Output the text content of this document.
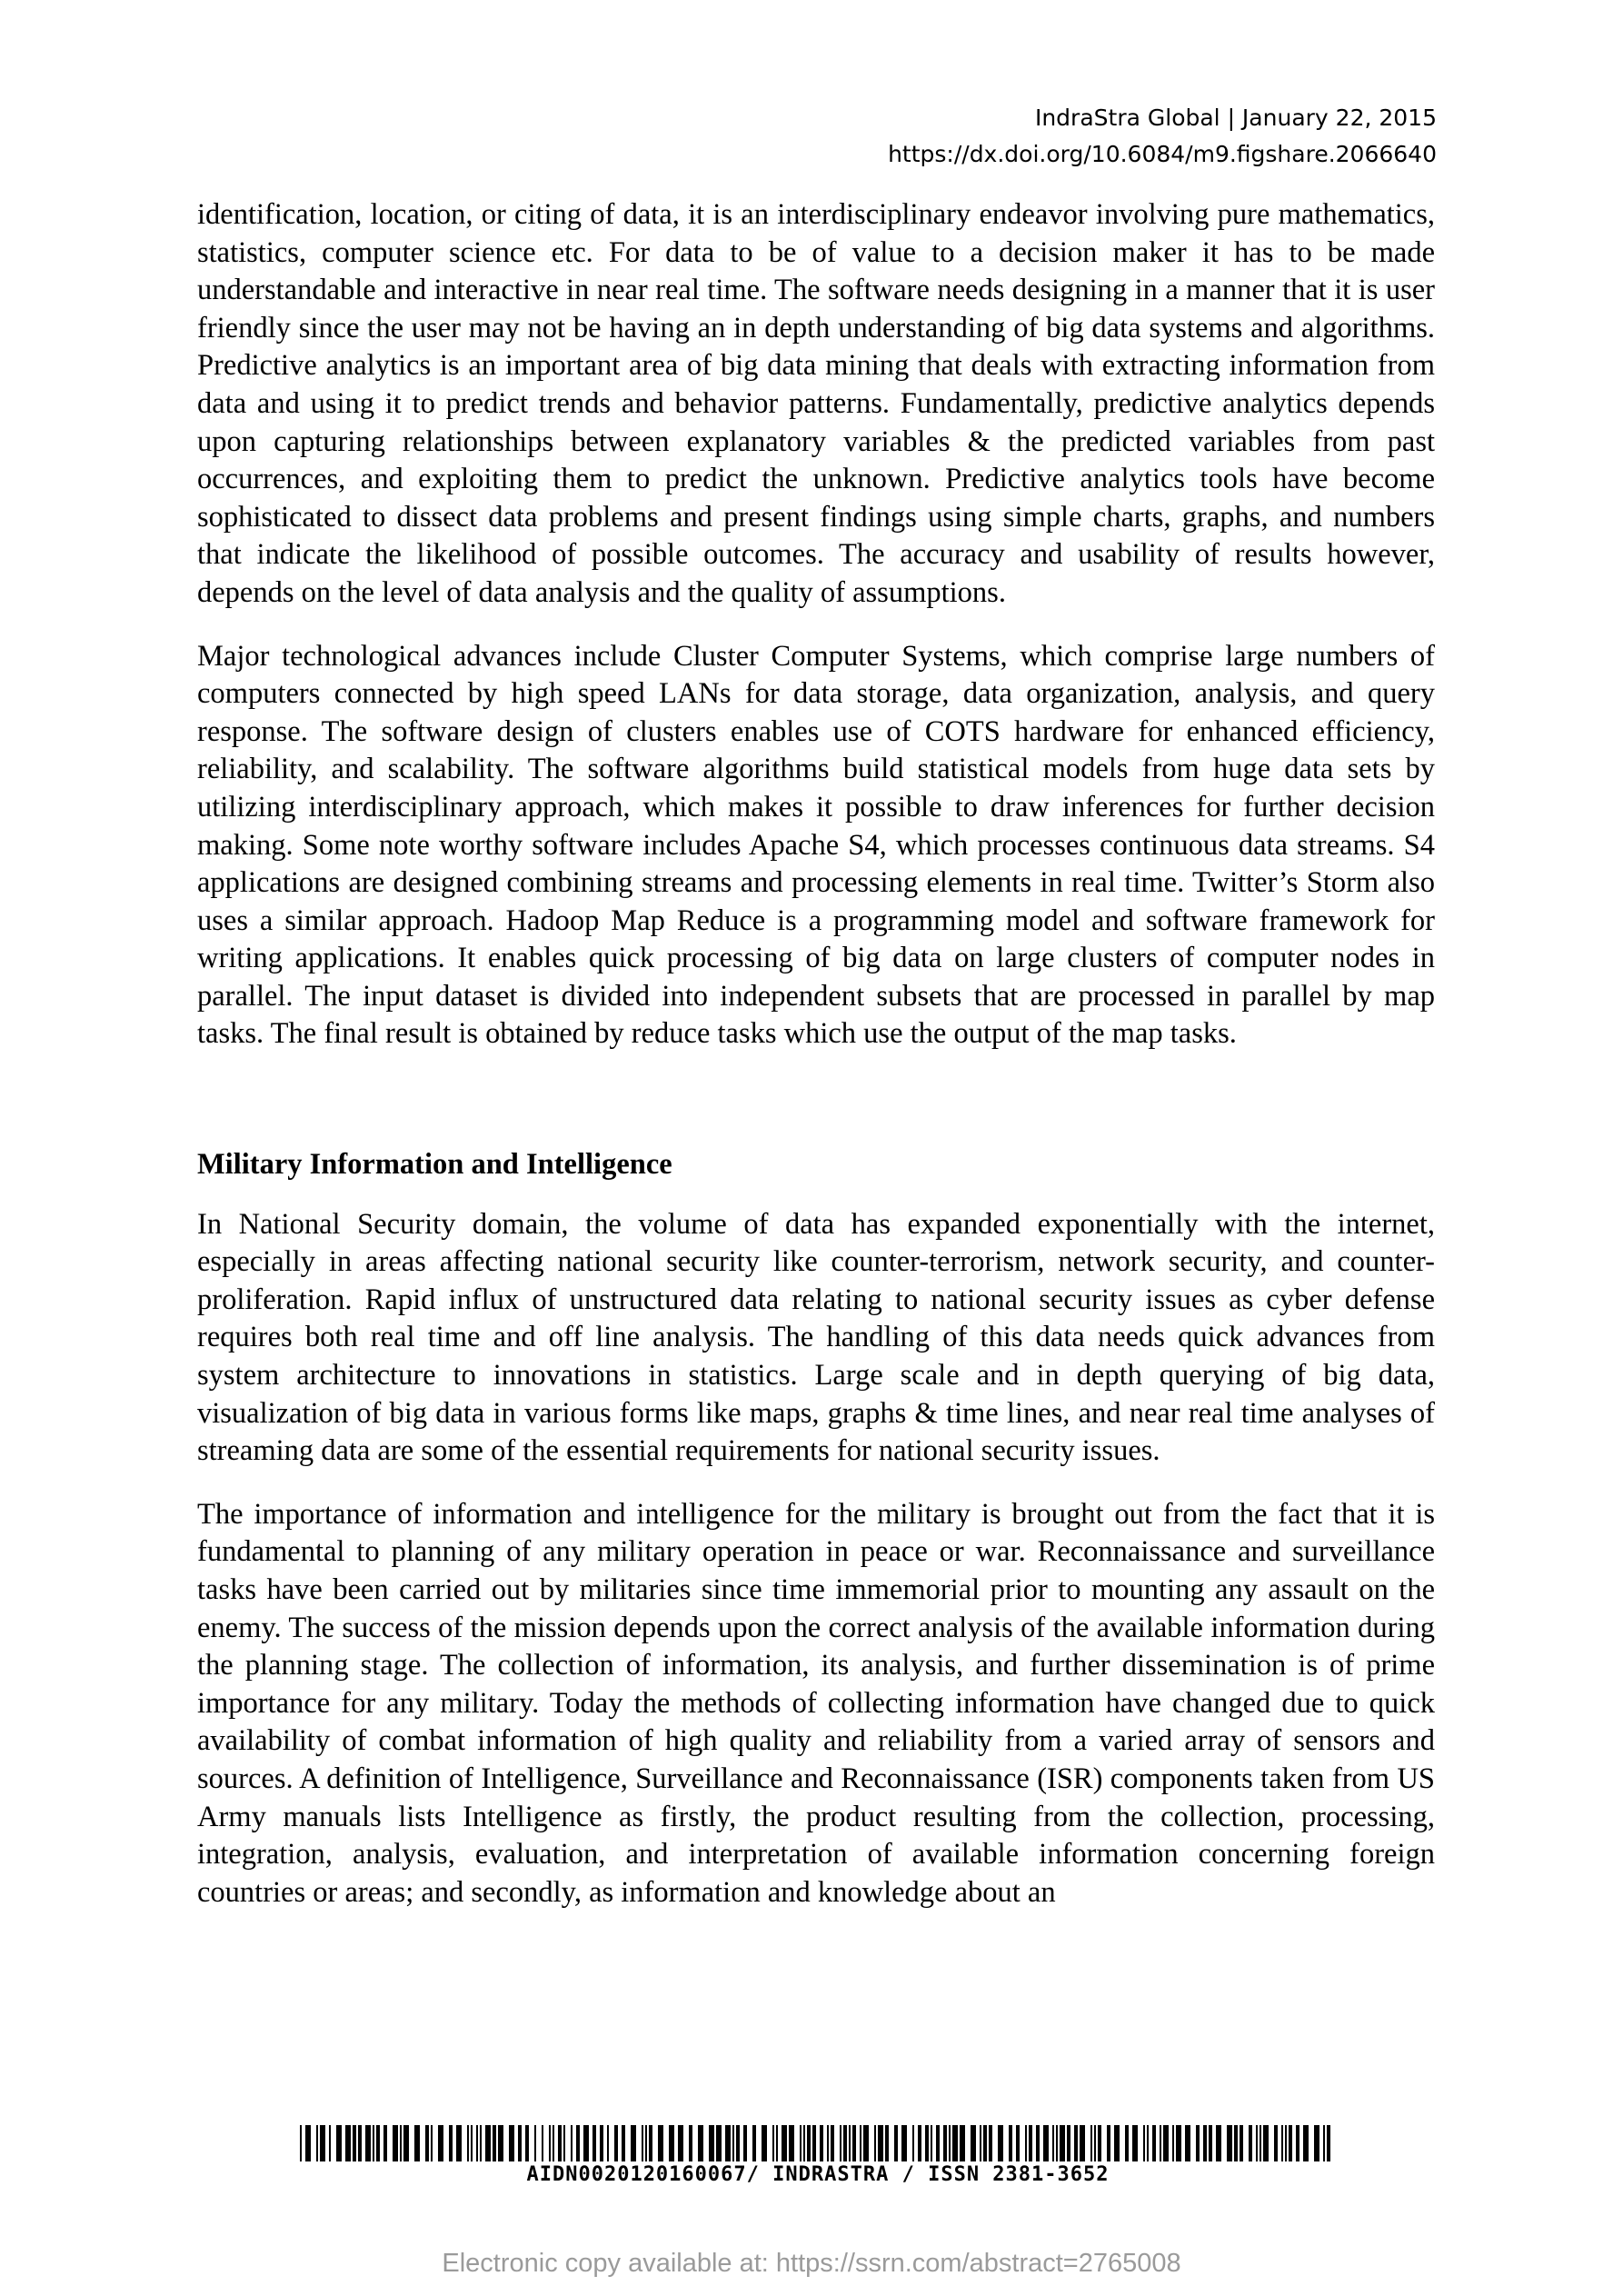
IndraStra Global | January 22, 2015
https://dx.doi.org/10.6084/m9.figshare.2066640

identification, location, or citing of data, it is an interdisciplinary endeavor involving pure mathematics, statistics, computer science etc. For data to be of value to a decision maker it has to be made understandable and interactive in near real time. The software needs designing in a manner that it is user friendly since the user may not be having an in depth understanding of big data systems and algorithms. Predictive analytics is an important area of big data mining that deals with extracting information from data and using it to predict trends and behavior patterns. Fundamentally, predictive analytics depends upon capturing relationships between explanatory variables & the predicted variables from past occurrences, and exploiting them to predict the unknown. Predictive analytics tools have become sophisticated to dissect data problems and present findings using simple charts, graphs, and numbers that indicate the likelihood of possible outcomes. The accuracy and usability of results however, depends on the level of data analysis and the quality of assumptions.

Major technological advances include Cluster Computer Systems, which comprise large numbers of computers connected by high speed LANs for data storage, data organization, analysis, and query response. The software design of clusters enables use of COTS hardware for enhanced efficiency, reliability, and scalability. The software algorithms build statistical models from huge data sets by utilizing interdisciplinary approach, which makes it possible to draw inferences for further decision making. Some note worthy software includes Apache S4, which processes continuous data streams. S4 applications are designed combining streams and processing elements in real time. Twitter’s Storm also uses a similar approach. Hadoop Map Reduce is a programming model and software framework for writing applications. It enables quick processing of big data on large clusters of computer nodes in parallel. The input dataset is divided into independent subsets that are processed in parallel by map tasks. The final result is obtained by reduce tasks which use the output of the map tasks.

Military Information and Intelligence

In National Security domain, the volume of data has expanded exponentially with the internet, especially in areas affecting national security like counter-terrorism, network security, and counter-proliferation. Rapid influx of unstructured data relating to national security issues as cyber defense requires both real time and off line analysis. The handling of this data needs quick advances from system architecture to innovations in statistics. Large scale and in depth querying of big data, visualization of big data in various forms like maps, graphs & time lines, and near real time analyses of streaming data are some of the essential requirements for national security issues.

The importance of information and intelligence for the military is brought out from the fact that it is fundamental to planning of any military operation in peace or war. Reconnaissance and surveillance tasks have been carried out by militaries since time immemorial prior to mounting any assault on the enemy. The success of the mission depends upon the correct analysis of the available information during the planning stage. The collection of information, its analysis, and further dissemination is of prime importance for any military. Today the methods of collecting information have changed due to quick availability of combat information of high quality and reliability from a varied array of sensors and sources. A definition of Intelligence, Surveillance and Reconnaissance (ISR) components taken from US Army manuals lists Intelligence as firstly, the product resulting from the collection, processing, integration, analysis, evaluation, and interpretation of available information concerning foreign countries or areas; and secondly, as information and knowledge about an

AIDN0020120160067/ INDRASTRA / ISSN 2381-3652
Electronic copy available at: https://ssrn.com/abstract=2765008
